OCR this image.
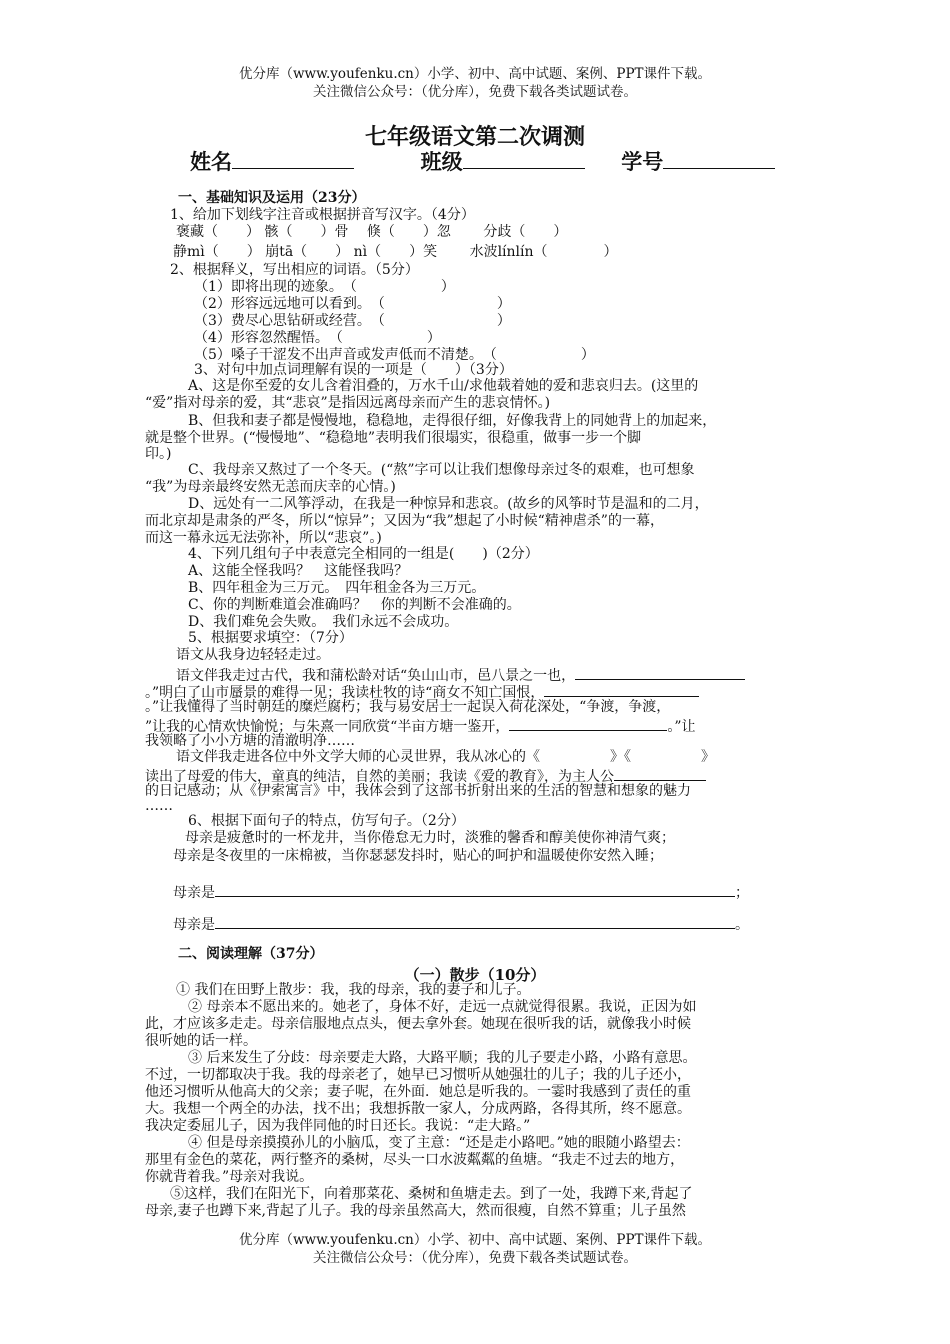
优分库（www.youfenku.cn）小学、初中、高中试题、案例、PPT课件下载。
关注微信公众号：（优分库），免费下载各类试题试卷。
七年级语文第二次调测
姓名	班级	学号
一、基础知识及运用（23分）
1、给加下划线字注音或根据拼音写汉字。（4分）
褒藏（　　） 骸（　　）骨　 倏（　　）忽　　 分歧（　　）
静mì（　　） 崩tā（　　） nì（　　）笑　　 水波línlín（　　　　）
2、根据释义，写出相应的词语。（5分）
（1）即将出现的迹象。　（　　　　　　）
（2）形容远远地可以看到。　（　　　　　　　　）
（3）费尽心思钻研或经营。　（　　　　　　　　）
（4）形容忽然醒悟。　（　　　　　　）
（5）嗓子干涩发不出声音或发声低而不清楚。　（　　　　　　）
3、对句中加点词理解有误的一项是（　　）（3分）
A、这是你至爱的女儿含着泪叠的，万水千山/求他载着她的爱和悲哀归去。(这里的
“爱”指对母亲的爱，其“悲哀”是指因远离母亲而产生的悲哀情怀。)
B、但我和妻子都是慢慢地，稳稳地，走得很仔细，好像我背上的同她背上的加起来，
就是整个世界。(“慢慢地”、“稳稳地”表明我们很塌实，很稳重，做事一步一个脚
印。)
C、我母亲又熬过了一个冬天。(“熬”字可以让我们想像母亲过冬的艰难，也可想象
“我”为母亲最终安然无恙而庆幸的心情。)
D、远处有一二风筝浮动，在我是一种惊异和悲哀。(故乡的风筝时节是温和的二月，
而北京却是肃条的严冬，所以“惊异”；又因为“我”想起了小时候“精神虐杀”的一幕，
而这一幕永远无法弥补，所以“悲哀”。)
4、下列几组句子中表意完全相同的一组是(　　)（2分）
A、这能全怪我吗？　这能怪我吗？
B、四年租金为三万元。　四年租金各为三万元。
C、你的判断难道会准确吗？　你的判断不会准确的。
D、我们难免会失败。　我们永远不会成功。
5、根据要求填空：（7分）
语文从我身边轻轻走过。
语文伴我走过古代，我和蒲松龄对话“奂山山市，邑八景之一也，
。”明白了山市蜃景的难得一见；我读杜牧的诗“商女不知亡国恨，
。”让我懂得了当时朝廷的糜烂腐朽；我与易安居士一起误入荷花深处，“争渡，争渡，
”让我的心情欢快愉悦；与朱熹一同欣赏“半亩方塘一鉴开，	。”让
我领略了小小方塘的清澈明净……
语文伴我走进各位中外文学大师的心灵世界，我从冰心的《　　　　　》《　　　　　》
读出了母爱的伟大，童真的纯洁，自然的美丽；我读《爱的教育》，为主人公
的日记感动；从《伊索寓言》中，我体会到了这部书折射出来的生活的智慧和想象的魅力
……
6、根据下面句子的特点，仿写句子。（2分）
母亲是疲惫时的一杯龙井，当你倦怠无力时，淡雅的馨香和醇美使你神清气爽；
母亲是冬夜里的一床棉被，当你瑟瑟发抖时，贴心的呵护和温暖使你安然入睡；
母亲是	；
母亲是	。
二、阅读理解（37分）
（一）散步（10分）
① 我们在田野上散步：我，我的母亲，我的妻子和儿子。
② 母亲本不愿出来的。她老了，身体不好，走远一点就觉得很累。我说，正因为如
此，才应该多走走。母亲信服地点点头，便去拿外套。她现在很听我的话，就像我小时候
很听她的话一样。
③ 后来发生了分歧：母亲要走大路，大路平顺；我的儿子要走小路，小路有意思。
不过，一切都取决于我。我的母亲老了，她早已习惯听从她强壮的儿子；我的儿子还小，
他还习惯听从他高大的父亲；妻子呢，在外面．她总是听我的。一霎时我感到了责任的重
大。我想一个两全的办法，找不出；我想拆散一家人，分成两路，各得其所，终不愿意。
我决定委屈儿子，因为我伴同他的时日还长。我说：“走大路。”
④ 但是母亲摸摸孙儿的小脑瓜，变了主意：“还是走小路吧。”她的眼随小路望去：
那里有金色的菜花，两行整齐的桑树，尽头一口水波粼粼的鱼塘。“我走不过去的地方，
你就背着我。”母亲对我说。
⑤这样，我们在阳光下，向着那菜花、桑树和鱼塘走去。到了一处，我蹲下来,背起了
母亲,妻子也蹲下来,背起了儿子。我的母亲虽然高大，然而很瘦，自然不算重；儿子虽然
优分库（www.youfenku.cn）小学、初中、高中试题、案例、PPT课件下载。
关注微信公众号：（优分库），免费下载各类试题试卷。
